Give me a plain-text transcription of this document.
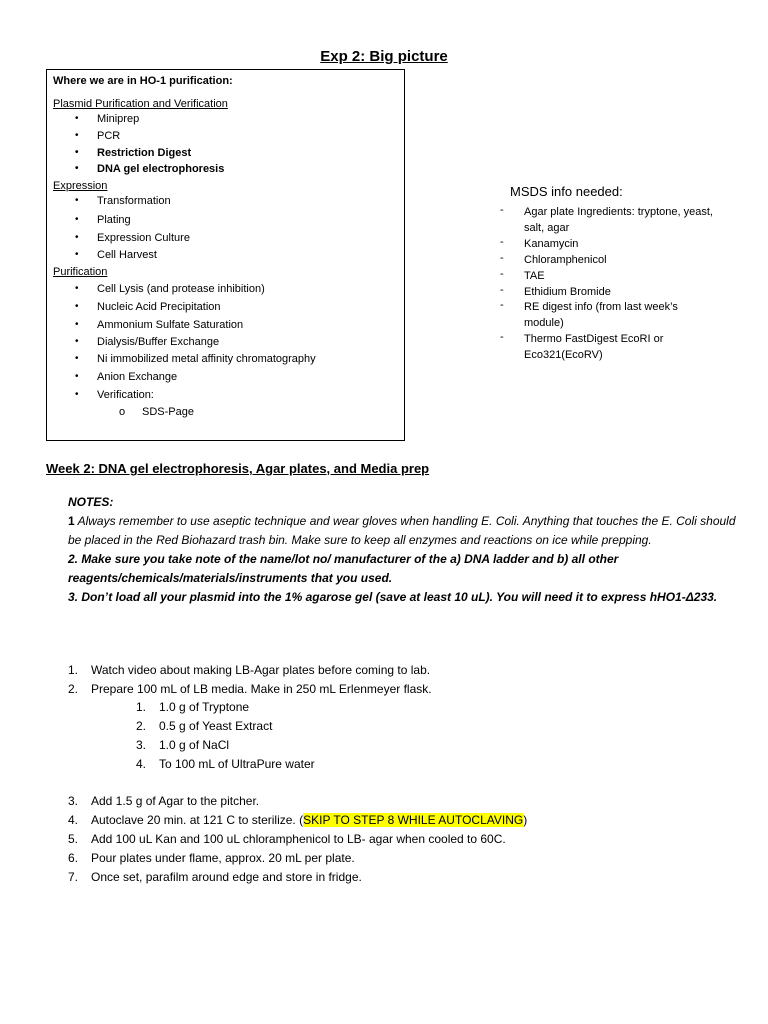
Exp 2: Big picture
Where we are in HO-1 purification:
Plasmid Purification and Verification
• Miniprep
• PCR
• Restriction Digest
• DNA gel electrophoresis
Expression
• Transformation
• Plating
• Expression Culture
• Cell Harvest
Purification
• Cell Lysis (and protease inhibition)
• Nucleic Acid Precipitation
• Ammonium Sulfate Saturation
• Dialysis/Buffer Exchange
• Ni immobilized metal affinity chromatography
• Anion Exchange
• Verification:
o SDS-Page
MSDS info needed:
- Agar plate Ingredients: tryptone, yeast, salt, agar
- Kanamycin
- Chloramphenicol
- TAE
- Ethidium Bromide
- RE digest info (from last week’s module)
- Thermo FastDigest EcoRI or Eco321(EcoRV)
Week 2: DNA gel electrophoresis, Agar plates, and Media prep
NOTES:
1 Always remember to use aseptic technique and wear gloves when handling E. Coli. Anything that touches the E. Coli should be placed in the Red Biohazard trash bin. Make sure to keep all enzymes and reactions on ice while prepping.
2. Make sure you take note of the name/lot no/ manufacturer of the a) DNA ladder and b) all other reagents/chemicals/materials/instruments that you used.
3. Don’t load all your plasmid into the 1% agarose gel (save at least 10 uL). You will need it to express hHO1-Δ233.
1. Watch video about making LB-Agar plates before coming to lab.
2. Prepare 100 mL of LB media. Make in 250 mL Erlenmeyer flask.
1. 1.0 g of Tryptone
2. 0.5 g of Yeast Extract
3. 1.0 g of NaCl
4. To 100 mL of UltraPure water
3. Add 1.5 g of Agar to the pitcher.
4. Autoclave 20 min. at 121 C to sterilize. (SKIP TO STEP 8 WHILE AUTOCLAVING)
5. Add 100 uL Kan and 100 uL chloramphenicol to LB- agar when cooled to 60C.
6. Pour plates under flame, approx. 20 mL per plate.
7. Once set, parafilm around edge and store in fridge.
